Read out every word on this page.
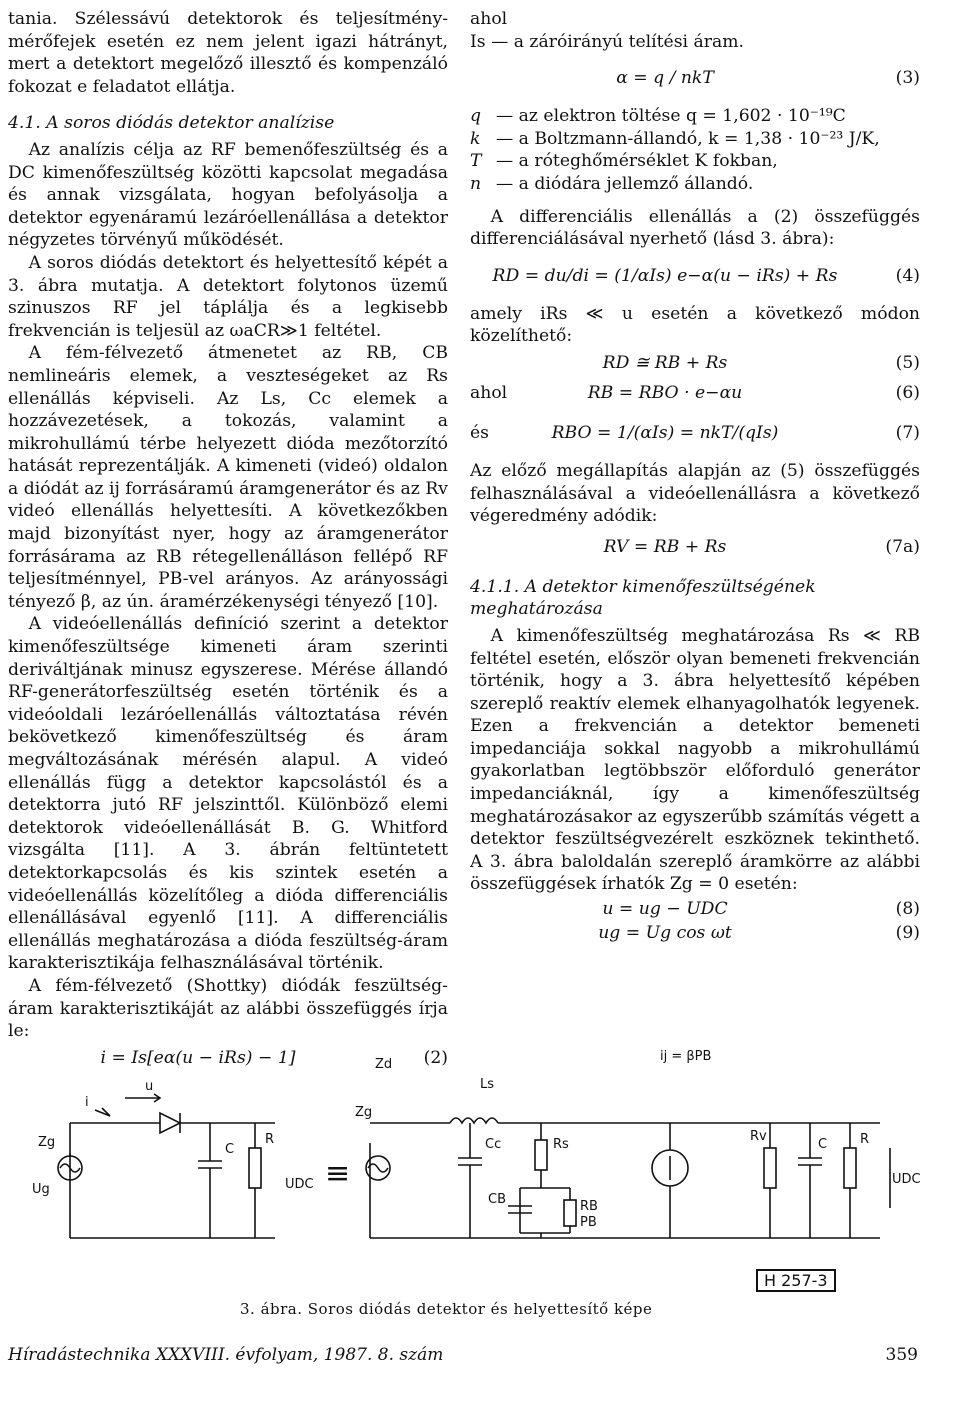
tania. Szélessávú detektorok és teljesítmény-mérőfejek esetén ez nem jelent igazi hátrányt, mert a detektort megelőző illesztő és kompenzáló fokozat e feladatot ellátja.

4.1. A soros diódás detektor analízise

Az analízis célja az RF bemenőfeszültség és a DC kimenőfeszültség közötti kapcsolat megadása és annak vizsgálata, hogyan befolyásolja a detektor egyenáramú lezáróellenállása a detektor négyzetes törvényű működését.

A soros diódás detektort és helyettesítő képét a 3. ábra mutatja. A detektort folytonos üzemű szinuszos RF jel táplálja és a legkisebb frekvencián is teljesül az ωaCR≫1 feltétel.

A fém-félvezető átmenetet az RB, CB nemlineáris elemek, a veszteségeket az Rs ellenállás képviseli. Az Ls, Cc elemek a hozzávezetések, a tokozás, valamint a mikrohullámú térbe helyezett dióda mezőtorzító hatását reprezentálják. A kimeneti (videó) oldalon a diódát az ij forrásáramú áramgenerátor és az Rv videó ellenállás helyettesíti. A következőkben majd bizonyítást nyer, hogy az áramgenerátor forrásárama az RB rétegellenálláson fellépő RF teljesítménnyel, PB-vel arányos. Az arányossági tényező β, az ún. áramérzékenységi tényező [10].

A videóellenállás definíció szerint a detektor kimenőfeszültsége kimeneti áram szerinti deriváltjának minusz egyszerese. Mérése állandó RF-generátorfeszültség esetén történik és a videóoldali lezáróellenállás változtatása révén bekövetkező kimenőfeszültség és áram megváltozásának mérésén alapul. A videó ellenállás függ a detektor kapcsolástól és a detektorra jutó RF jelszinttől. Különböző elemi detektorok videóellenállását B. G. Whitford vizsgálta [11]. A 3. ábrán feltüntetett detektorkapcsolás és kis szintek esetén a videóellenállás közelítőleg a dióda differenciális ellenállásával egyenlő [11]. A differenciális ellenállás meghatározása a dióda feszültség-áram karakterisztikája felhasználásával történik.

A fém-félvezető (Shottky) diódák feszültség-áram karakterisztikáját az alábbi összefüggés írja le:

i = Is[eα(u − iRs) − 1]	(2)
ahol
Is — a záróirányú telítési áram.
α = q / nkT	(3)
q — az elektron töltése q = 1,602 · 10⁻¹⁹C
k — a Boltzmann-állandó, k = 1,38 · 10⁻²³ J/K,
T — a róteghőmérséklet K fokban,
n — a diódára jellemző állandó.

A differenciális ellenállás a (2) összefüggés differenciálásával nyerhető (lásd 3. ábra):

RD = du/di = (1/αIs) e−α(u − iRs) + Rs	(4)

amely iRs ≪ u esetén a következő módon közelíthető:

RD ≅ RB + Rs	(5)
ahol	RB = RBO · e−αu	(6)
és	RBO = 1/(αIs) = nkT/(qIs)	(7)

Az előző megállapítás alapján az (5) összefüggés felhasználásával a videóellenállásra a következő végeredmény adódik:

RV = RB + Rs	(7a)
4.1.1. A detektor kimenőfeszültségének meghatározása

A kimenőfeszültség meghatározása Rs ≪ RB feltétel esetén, először olyan bemeneti frekvencián történik, hogy a 3. ábra helyettesítő képében szereplő reaktív elemek elhanyagolhatók legyenek. Ezen a frekvencián a detektor bemeneti impedanciája sokkal nagyobb a mikrohullámú gyakorlatban legtöbbször előforduló generátor impedanciáknál, így a kimenőfeszültség meghatározásakor az egyszerűbb számítás végett a detektor feszültségvezérelt eszköznek tekinthető. A 3. ábra baloldalán szereplő áramkörre az alábbi összefüggések írhatók Zg = 0 esetén:

u = ug − UDC	(8)
ug = Ug cos ωt	(9)
u
i
Zg
Ug
C
R
UDC ≡
Zd
Ls
Zg
Cc	Rs
CB	RB
PB
ij = βPB
Rv
C	R
UDC
H 257-3
3. ábra. Soros diódás detektor és helyettesítő képe
Híradástechnika XXXVIII. évfolyam, 1987. 8. szám	359
